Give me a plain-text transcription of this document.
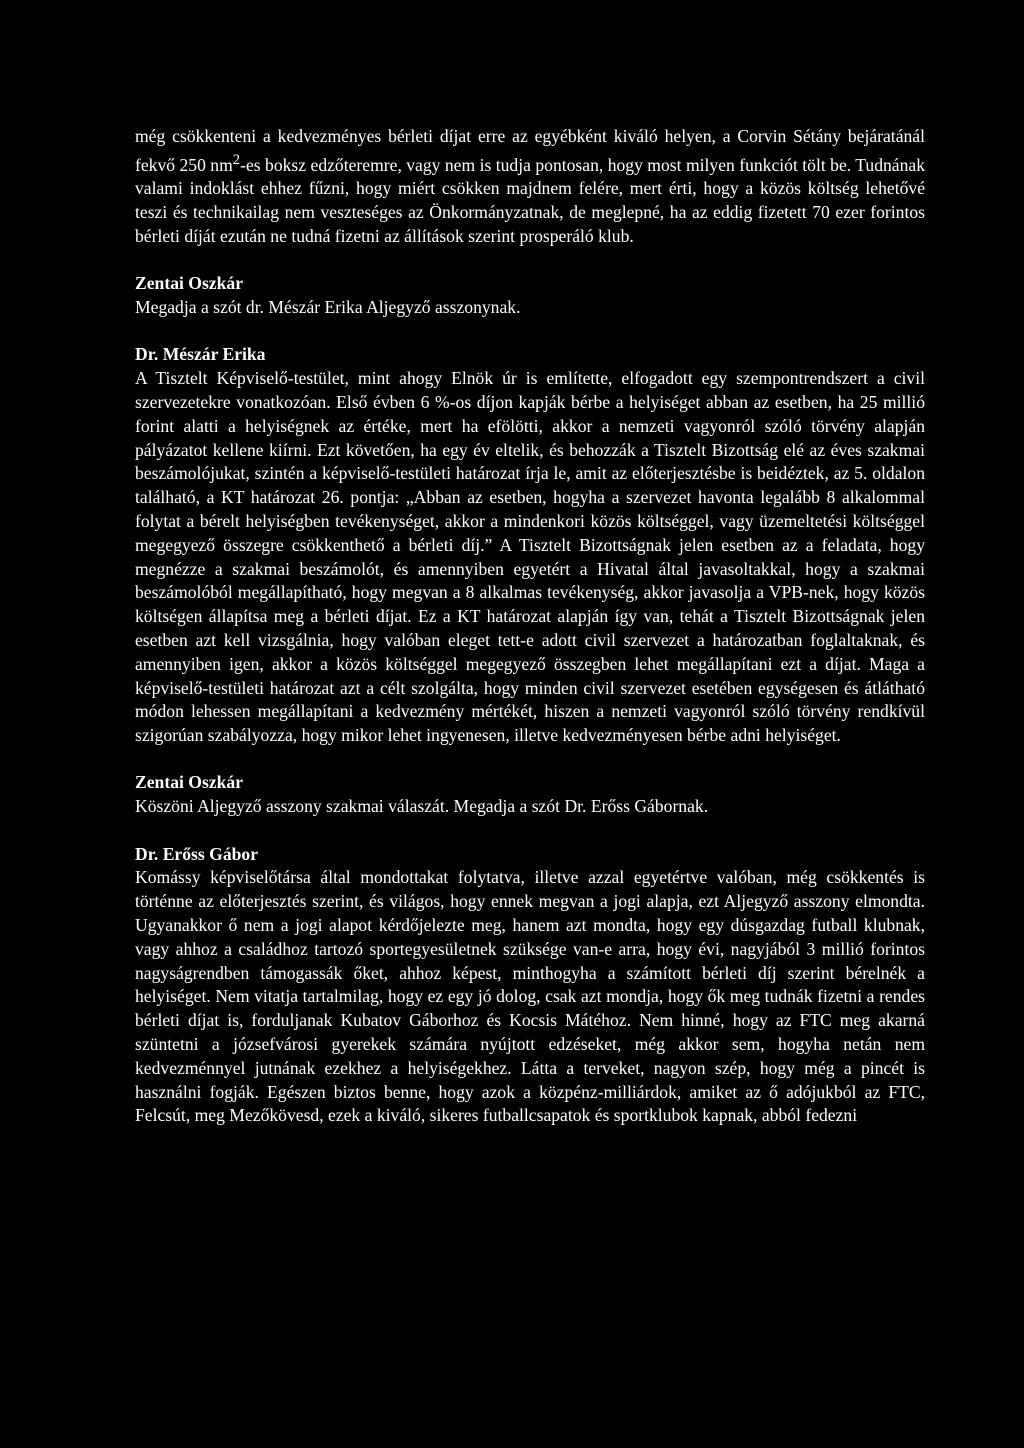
még csökkenteni a kedvezményes bérleti díjat erre az egyébként kiváló helyen, a Corvin Sétány bejáratánál fekvő 250 $nm^2-es$ boksz edzőteremre, vagy nem is tudja pontosan, hogy most milyen funkciót tölt be. Tudnának valami indoklást ehhez fűzni, hogy miért csökken majdnem felére, mert érti, hogy a közös költség lehetővé teszi és technikailag nem veszteséges az Önkormányzatnak, de meglepné, ha az eddig fizetett 70 ezer forintos bérleti díját ezután ne tudná fizetni az állítások szerint prosperáló klub.

Zentai Oszkár

Megadja a szót dr. Mészár Erika Aljegyző asszonynak.

Dr. Mészár Erika

A Tisztelt Képviselő-testület, mint ahogy Elnök úr is említette, elfogadott egy szempontrendszert a civil szervezetekre vonatkozóan. Első évben 6 %-os díjon kapják bérbe a helyiséget abban az esetben, ha 25 millió forint alatti a helyiségnek az értéke, mert ha efölötti, akkor a nemzeti vagyonról szóló törvény alapján pályázatot kellene kiírni. Ezt követően, ha egy év eltelik, és behozzák a Tisztelt Bizottság elé az éves szakmai beszámolójukat, szintén a képviselő-testületi határozat írja le, amit az előterjesztésbe is beidéztek, az 5. oldalon található, a KT határozat 26. pontja: „Abban az esetben, hogyha a szervezet havonta legalább 8 alkalommal folytat a bérelt helyiségben tevékenységet, akkor a mindenkori közös költséggel, vagy üzemeltetési költséggel megegyező összegre csökkenthető a bérleti díj.” A Tisztelt Bizottságnak jelen esetben az a feladata, hogy megnézze a szakmai beszámolót, és amennyiben egyetért a Hivatal által javasoltakkal, hogy a szakmai beszámolóból megállapítható, hogy megvan a 8 alkalmas tevékenység, akkor javasolja a VPB-nek, hogy közös költségen állapítsa meg a bérleti díjat. Ez a KT határozat alapján így van, tehát a Tisztelt Bizottságnak jelen esetben azt kell vizsgálnia, hogy valóban eleget tett-e adott civil szervezet a határozatban foglaltaknak, és amennyiben igen, akkor a közös költséggel megegyező összegben lehet megállapítani ezt a díjat. Maga a képviselő-testületi határozat azt a célt szolgálta, hogy minden civil szervezet esetében egységesen és átlátható módon lehessen megállapítani a kedvezmény mértékét, hiszen a nemzeti vagyonról szóló törvény rendkívül szigorúan szabályozza, hogy mikor lehet ingyenesen, illetve kedvezményesen bérbe adni helyiséget.

Zentai Oszkár

Köszöni Aljegyző asszony szakmai válaszát. Megadja a szót Dr. Erőss Gábornak.

Dr. Erőss Gábor

Komássy képviselőtársa által mondottakat folytatva, illetve azzal egyetértve valóban, még csökkentés is történne az előterjesztés szerint, és világos, hogy ennek megvan a jogi alapja, ezt Aljegyző asszony elmondta. Ugyanakkor ő nem a jogi alapot kérdőjelezte meg, hanem azt mondta, hogy egy dúsgazdag futball klubnak, vagy ahhoz a családhoz tartozó sportegyesületnek szüksége van-e arra, hogy évi, nagyjából 3 millió forintos nagyságrendben támogassák őket, ahhoz képest, minthogyha a számított bérleti díj szerint bérelnék a helyiséget. Nem vitatja tartalmilag, hogy ez egy jó dolog, csak azt mondja, hogy ők meg tudnák fizetni a rendes bérleti díjat is, forduljanak Kubatov Gáborhoz és Kocsis Mátéhoz. Nem hinné, hogy az FTC meg akarná szüntetni a józsefvárosi gyerekek számára nyújtott edzéseket, még akkor sem, hogyha netán nem kedvezménnyel jutnának ezekhez a helyiségekhez. Látta a terveket, nagyon szép, hogy még a pincét is használni fogják. Egészen biztos benne, hogy azok a közpénz-milliárdok, amiket az ő adójukból az FTC, Felcsút, meg Mezőkövesd, ezek a kiváló, sikeres futballcsapatok és sportklubok kapnak, abból fedezni
